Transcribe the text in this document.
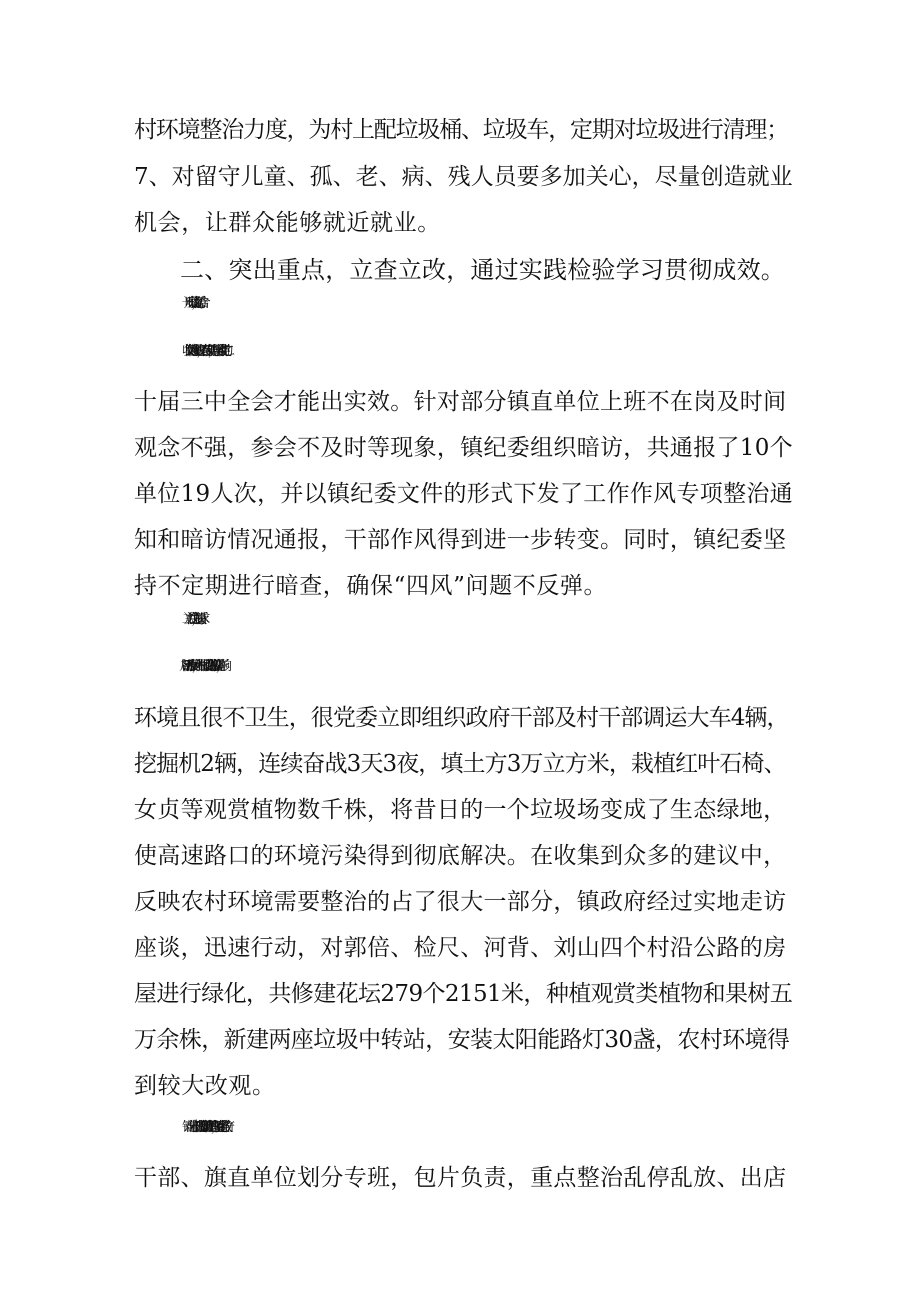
村环境整治力度，为村上配垃圾桶、垃圾车，定期对垃圾进行清理；

7、对留守儿童、孤、老、病、残人员要多加关心，尽量创造就业

机会，让群众能够就近就业。

二、突出重点，立查立改，通过实践检验学习贯彻成效。

（一）明察暗访，惩防结合。

收集到的意见和建议，只有落到实处，开展学习贯彻党的二

十届三中全会才能出实效。针对部分镇直单位上班不在岗及时间

观念不强，参会不及时等现象，镇纪委组织暗访，共通报了10个

单位19人次，并以镇纪委文件的形式下发了工作作风专项整治通

知和暗访情况通报，干部作风得到进一步转变。同时，镇纪委坚

持不定期进行暗查，确保“四风”问题不反弹。

（二）关注民生，解决诉求。

3月初活动开展伊始，刘山村村民反映高速路口脏乱差，影响

环境且很不卫生，很党委立即组织政府干部及村干部调运大车4辆，

挖掘机2辆，连续奋战3天3夜，填土方3万立方米，栽植红叶石椅、

女贞等观赏植物数千株，将昔日的一个垃圾场变成了生态绿地，

使高速路口的环境污染得到彻底解决。在收集到众多的建议中，

反映农村环境需要整治的占了很大一部分，镇政府经过实地走访

座谈，迅速行动，对郭倍、检尺、河背、刘山四个村沿公路的房

屋进行绿化，共修建花坛279个2151米，种植观赏类植物和果树五

万余株，新建两座垃圾中转站，安装太阳能路灯30盏，农村环境得

到较大改观。

针对部分老干部提出加强集镇管理的建议，镇党委已将政府

干部、旗直单位划分专班，包片负责，重点整治乱停乱放、出店
